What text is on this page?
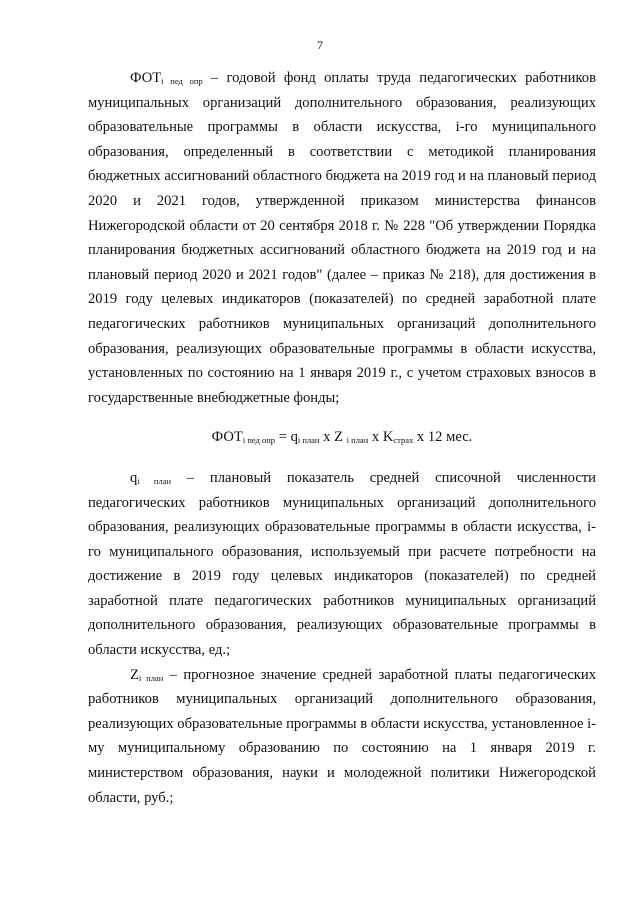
7

$ФОТ_{i пед опр}$ – годовой фонд оплаты труда педагогических работников муниципальных организаций дополнительного образования, реализующих образовательные программы в области искусства, i-го муниципального образования, определенный в соответствии с методикой планирования бюджетных ассигнований областного бюджета на 2019 год и на плановый период 2020 и 2021 годов, утвержденной приказом министерства финансов Нижегородской области от 20 сентября 2018 г. № 228 "Об утверждении Порядка планирования бюджетных ассигнований областного бюджета на 2019 год и на плановый период 2020 и 2021 годов" (далее – приказ № 218), для достижения в 2019 году целевых индикаторов (показателей) по средней заработной плате педагогических работников муниципальных организаций дополнительного образования, реализующих образовательные программы в области искусства, установленных по состоянию на 1 января 2019 г., с учетом страховых взносов в государственные внебюджетные фонды;

$ФОТ_{i пед опр} = q_{i план}$ x Z $_{i план}$ x $K_{страх}$ x 12 мес.

$q_{i план}$ – плановый показатель средней списочной численности педагогических работников муниципальных организаций дополнительного образования, реализующих образовательные программы в области искусства, i-го муниципального образования, используемый при расчете потребности на достижение в 2019 году целевых индикаторов (показателей) по средней заработной плате педагогических работников муниципальных организаций дополнительного образования, реализующих образовательные программы в области искусства, ед.;

$Z_{i план}$ – прогнозное значение средней заработной платы педагогических работников муниципальных организаций дополнительного образования, реализующих образовательные программы в области искусства, установленное i-му муниципальному образованию по состоянию на 1 января 2019 г. министерством образования, науки и молодежной политики Нижегородской области, руб.;
